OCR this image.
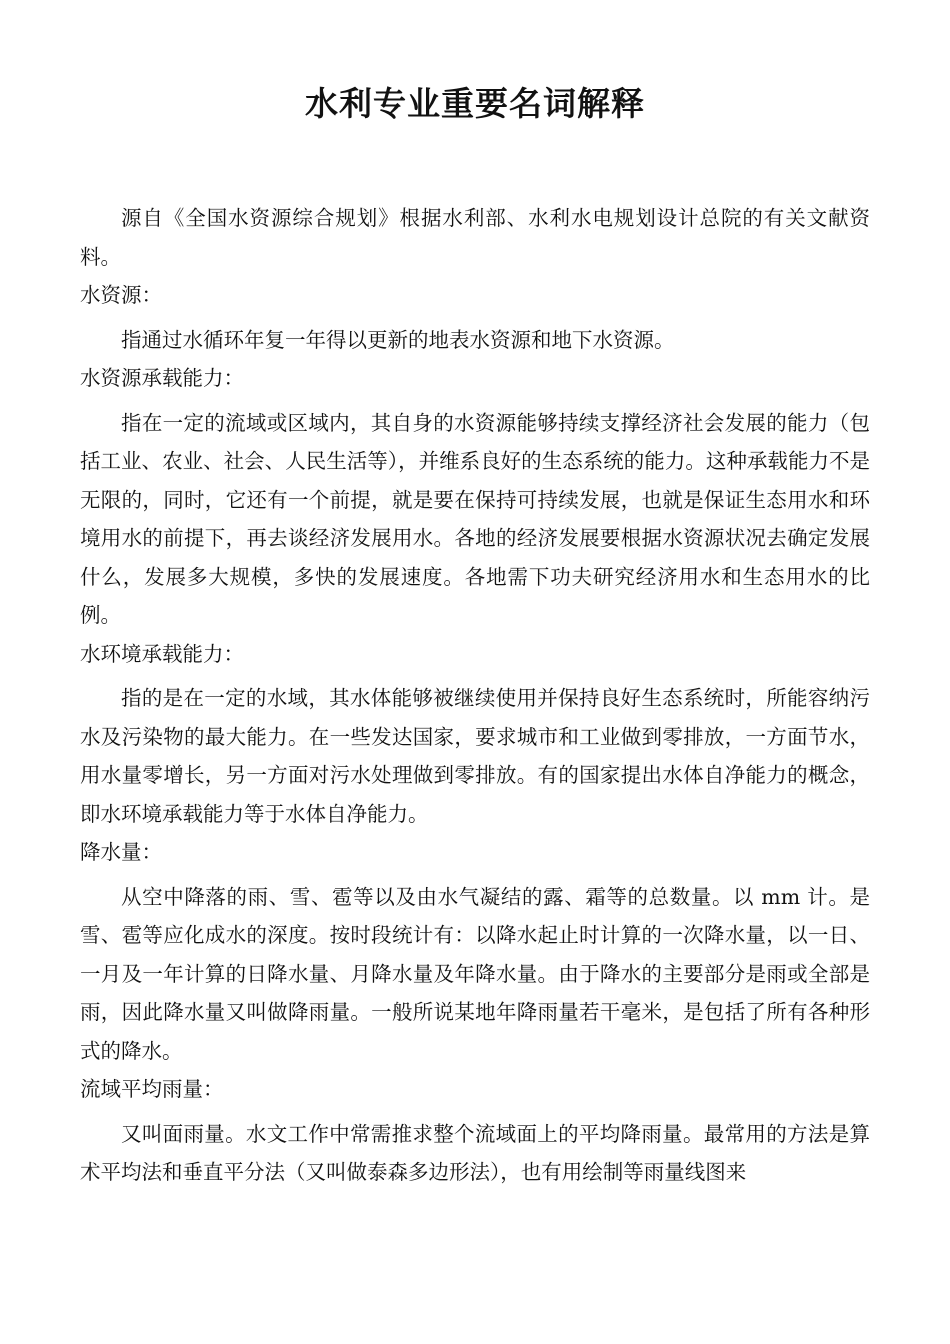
水利专业重要名词解释

源自《全国水资源综合规划》根据水利部、水利水电规划设计总院的有关文献资料。

水资源：

指通过水循环年复一年得以更新的地表水资源和地下水资源。

水资源承载能力：

指在一定的流域或区域内，其自身的水资源能够持续支撑经济社会发展的能力（包括工业、农业、社会、人民生活等），并维系良好的生态系统的能力。这种承载能力不是无限的，同时，它还有一个前提，就是要在保持可持续发展，也就是保证生态用水和环境用水的前提下，再去谈经济发展用水。各地的经济发展要根据水资源状况去确定发展什么，发展多大规模，多快的发展速度。各地需下功夫研究经济用水和生态用水的比例。

水环境承载能力：

指的是在一定的水域，其水体能够被继续使用并保持良好生态系统时，所能容纳污水及污染物的最大能力。在一些发达国家，要求城市和工业做到零排放，一方面节水，用水量零增长，另一方面对污水处理做到零排放。有的国家提出水体自净能力的概念，即水环境承载能力等于水体自净能力。

降水量：

从空中降落的雨、雪、雹等以及由水气凝结的露、霜等的总数量。以 mm 计。是雪、雹等应化成水的深度。按时段统计有：以降水起止时计算的一次降水量，以一日、一月及一年计算的日降水量、月降水量及年降水量。由于降水的主要部分是雨或全部是雨，因此降水量又叫做降雨量。一般所说某地年降雨量若干毫米，是包括了所有各种形式的降水。

流域平均雨量：

又叫面雨量。水文工作中常需推求整个流域面上的平均降雨量。最常用的方法是算术平均法和垂直平分法（又叫做泰森多边形法），也有用绘制等雨量线图来
